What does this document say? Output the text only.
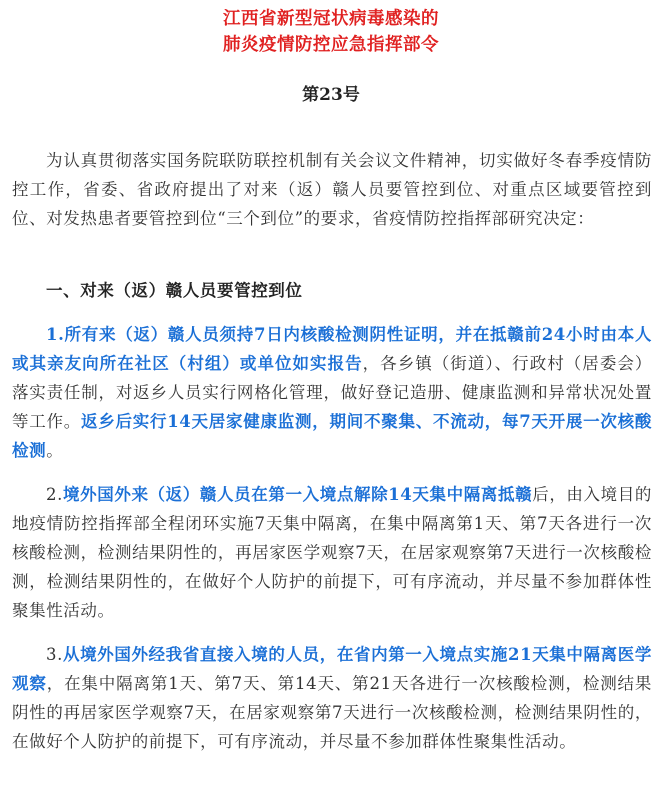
江西省新型冠状病毒感染的
肺炎疫情防控应急指挥部令
第23号

为认真贯彻落实国务院联防联控机制有关会议文件精神，切实做好冬春季疫情防控工作，省委、省政府提出了对来（返）赣人员要管控到位、对重点区域要管控到位、对发热患者要管控到位“三个到位”的要求，省疫情防控指挥部研究决定：

一、对来（返）赣人员要管控到位

1.所有来（返）赣人员须持7日内核酸检测阴性证明，并在抵赣前24小时由本人或其亲友向所在社区（村组）或单位如实报告，各乡镇（街道）、行政村（居委会）落实责任制，对返乡人员实行网格化管理，做好登记造册、健康监测和异常状况处置等工作。返乡后实行14天居家健康监测，期间不聚集、不流动，每7天开展一次核酸检测。

2.境外国外来（返）赣人员在第一入境点解除14天集中隔离抵赣后，由入境目的地疫情防控指挥部全程闭环实施7天集中隔离，在集中隔离第1天、第7天各进行一次核酸检测，检测结果阴性的，再居家医学观察7天，在居家观察第7天进行一次核酸检测，检测结果阴性的，在做好个人防护的前提下，可有序流动，并尽量不参加群体性聚集性活动。

3.从境外国外经我省直接入境的人员，在省内第一入境点实施21天集中隔离医学观察，在集中隔离第1天、第7天、第14天、第21天各进行一次核酸检测，检测结果阴性的再居家医学观察7天，在居家观察第7天进行一次核酸检测，检测结果阴性的，在做好个人防护的前提下，可有序流动，并尽量不参加群体性聚集性活动。
